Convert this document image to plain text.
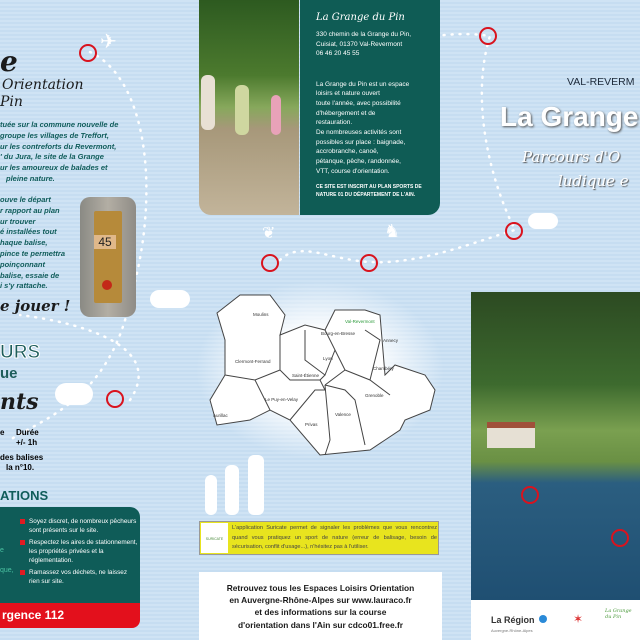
e
Orientation
Pin
tuée sur la commune nouvelle de
groupe les villages de Treffort,
ur les contreforts du Revermont,
' du Jura, le site de la Grange
ur les amoureux de balades et
pleine nature.
ouve le départ
r rapport au plan
ur trouver
é installées tout
haque balise,
pince te permettra
poinçonnant
balise, essaie de
i s'y rattache.
e jouer !
45
URS
ue
nts
e Durée
+/- 1h
des balises
la n°10.
ATIONS
e
que,
Soyez discret, de nombreux pêcheurs sont présents sur le site.
Respectez les aires de stationnement, les propriétés privées et la réglementation.
Ramassez vos déchets, ne laissez rien sur site.
rgence 112
La Grange du Pin
330 chemin de la Grange du Pin,
Cuisiat, 01370 Val-Revermont
06 46 20 45 55
La Grange du Pin est un espace
loisirs et nature ouvert
toute l'année, avec possibilité
d'hébergement et de
restauration.
De nombreuses activités sont
possibles sur place : baignade,
accrobranche, canoë,
pétanque, pêche, randonnée,
VTT, course d'orientation.
CE SITE EST INSCRIT AU PLAN SPORTS DE NATURE 01 DU DÉPARTEMENT DE L'AIN.
Moulins
Clermont-Ferrand
Aurillac
Le Puy-en-Velay
Saint-Étienne
Privas
Valence
Lyon
Bourg-en-Bresse
Val-Revermont
Annecy
Chambéry
Grenoble
SURICATE
L'application Suricate permet de signaler les problèmes que vous rencontrez quand vous pratiquez un sport de nature (erreur de balisage, besoin de sécurisation, conflit d'usage...), n'hésitez pas à l'utiliser.
Retrouvez tous les Espaces Loisirs Orientation
en Auvergne-Rhône-Alpes sur www.lauraco.fr
et des informations sur la course
d'orientation dans l'Ain sur cdco01.free.fr
VAL-REVERM
La Grange
Parcours d'O
ludique e
La Région
Auvergne-Rhône-Alpes
✶
La Grange du Pin
✈
❦	♞
